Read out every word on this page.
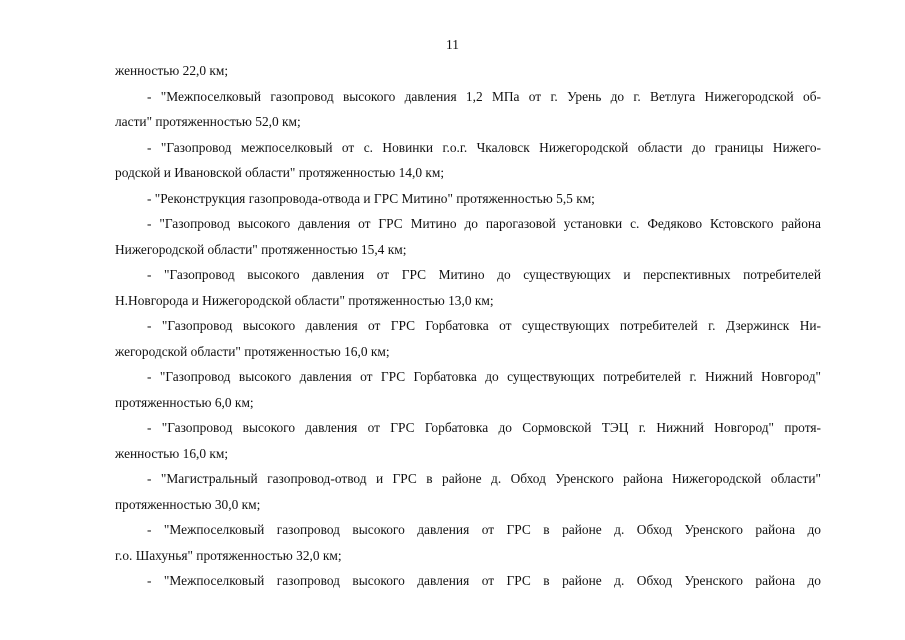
11

женностью 22,0 км;

- "Межпоселковый газопровод высокого давления 1,2 МПа от г. Урень до г. Ветлуга Нижегородской об-
ласти" протяженностью 52,0 км;

- "Газопровод межпоселковый от с. Новинки г.о.г. Чкаловск Нижегородской области до границы Нижего-
родской и Ивановской области" протяженностью 14,0 км;

- "Реконструкция газопровода-отвода и ГРС Митино" протяженностью 5,5 км;

- "Газопровод высокого давления от ГРС Митино до парогазовой установки с. Федяково Кстовского района
Нижегородской области" протяженностью 15,4 км;

- "Газопровод высокого давления от ГРС Митино до существующих и перспективных потребителей
Н.Новгорода и Нижегородской области" протяженностью 13,0 км;

- "Газопровод высокого давления от ГРС Горбатовка от существующих потребителей г. Дзержинск Ни-
жегородской области" протяженностью 16,0 км;

- "Газопровод высокого давления от ГРС Горбатовка до существующих потребителей г. Нижний Новгород"
протяженностью 6,0 км;

- "Газопровод высокого давления от ГРС Горбатовка до Сормовской ТЭЦ г. Нижний Новгород" протя-
женностью 16,0 км;

- "Магистральный газопровод-отвод и ГРС в районе д. Обход Уренского района Нижегородской области"
протяженностью 30,0 км;

- "Межпоселковый газопровод высокого давления от ГРС в районе д. Обход Уренского района до
г.о. Шахунья" протяженностью 32,0 км;

- "Межпоселковый газопровод высокого давления от ГРС в районе д. Обход Уренского района до
